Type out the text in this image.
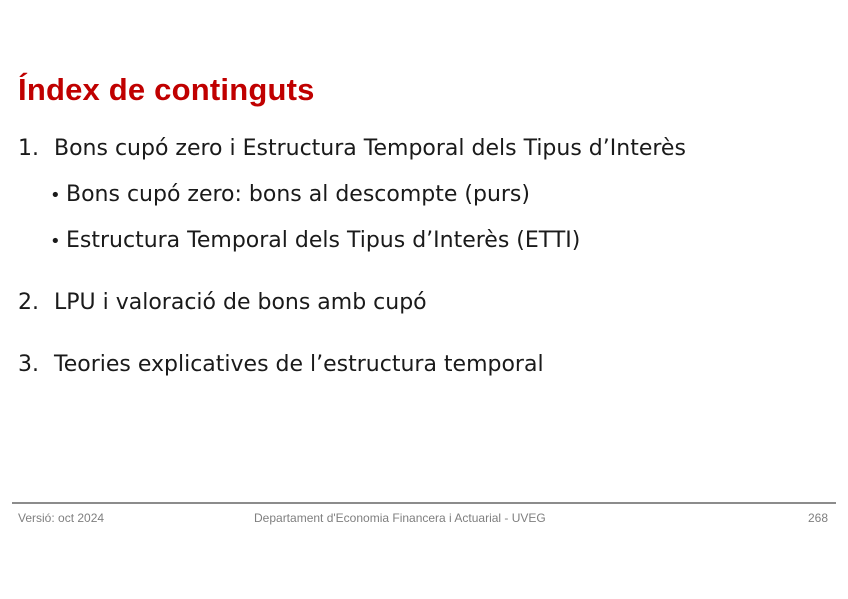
Índex de continguts

1. Bons cupó zero i Estructura Temporal dels Tipus d’Interès

• Bons cupó zero: bons al descompte (purs)

• Estructura Temporal dels Tipus d’Interès (ETTI)

2. LPU i valoració de bons amb cupó

3. Teories explicatives de l’estructura temporal

Versió: oct 2024	Departament d'Economia Financera i Actuarial - UVEG	268
